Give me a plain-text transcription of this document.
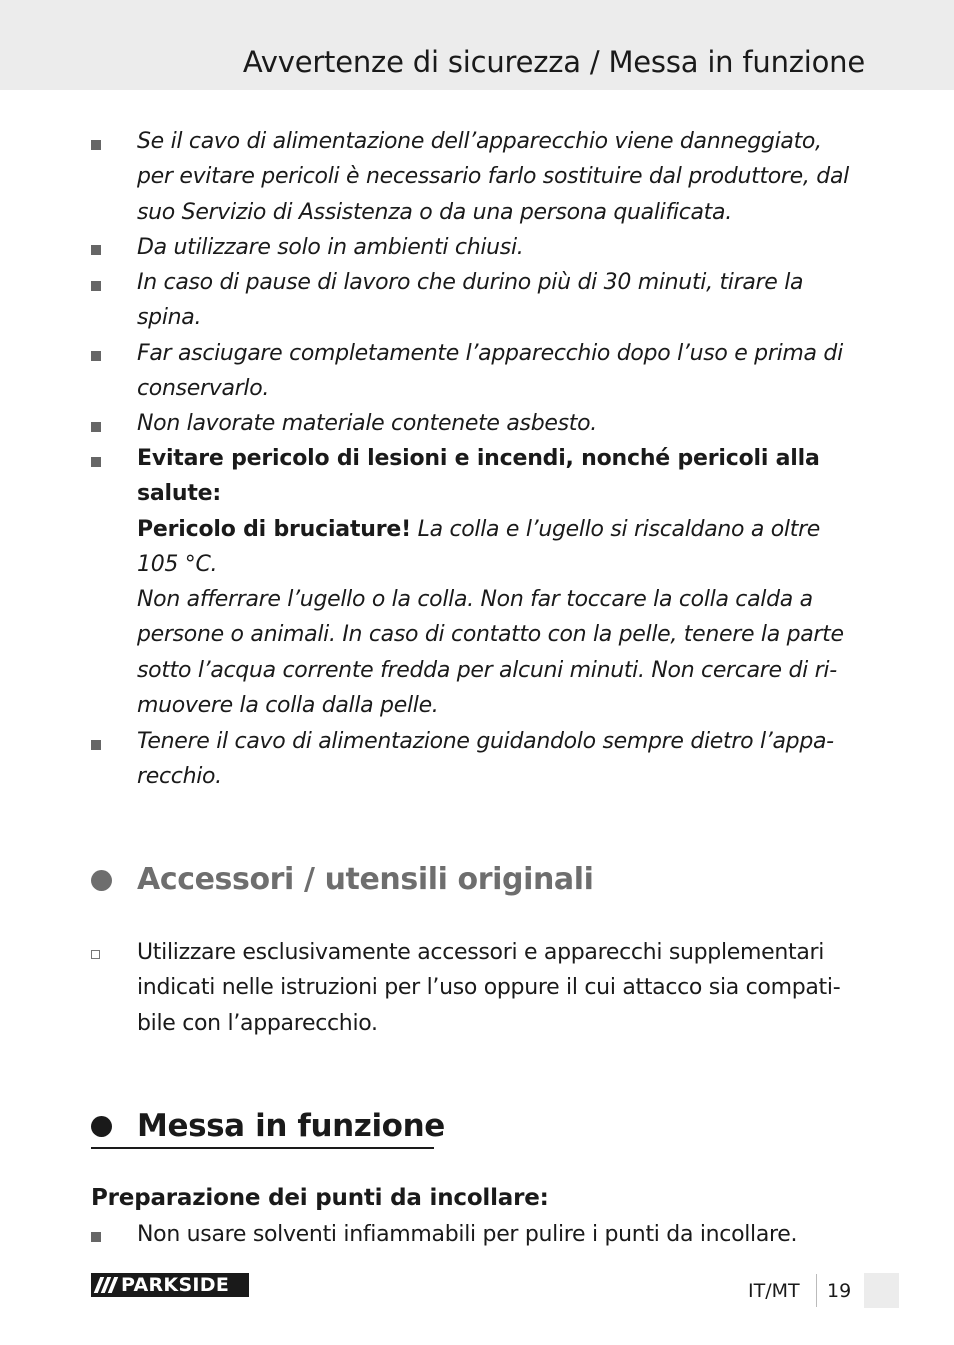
Avvertenze di sicurezza / Messa in funzione
Se il cavo di alimentazione dell’apparecchio viene danneggiato, per evitare pericoli è necessario farlo sostituire dal produttore, dal suo Servizio di Assistenza o da una persona qualificata.
Da utilizzare solo in ambienti chiusi.
In caso di pause di lavoro che durino più di 30 minuti, tirare la spina.
Far asciugare completamente l’apparecchio dopo l’uso e prima di conservarlo.
Non lavorate materiale contenete asbesto.
Evitare pericolo di lesioni e incendi, nonché pericoli alla salute:
Pericolo di bruciature! La colla e l’ugello si riscaldano a oltre 105 °C.
Non afferrare l’ugello o la colla. Non far toccare la colla calda a persone o animali. In caso di contatto con la pelle, tenere la parte sotto l’acqua corrente fredda per alcuni minuti. Non cercare di rimuovere la colla dalla pelle.
Tenere il cavo di alimentazione guidandolo sempre dietro l’apparecchio.
Accessori / utensili originali
Utilizzare esclusivamente accessori e apparecchi supplementari indicati nelle istruzioni per l’uso oppure il cui attacco sia compatibile con l’apparecchio.
Messa in funzione
Preparazione dei punti da incollare:
Non usare solventi infiammabili per pulire i punti da incollare.
PARKSIDE	IT/MT 19
